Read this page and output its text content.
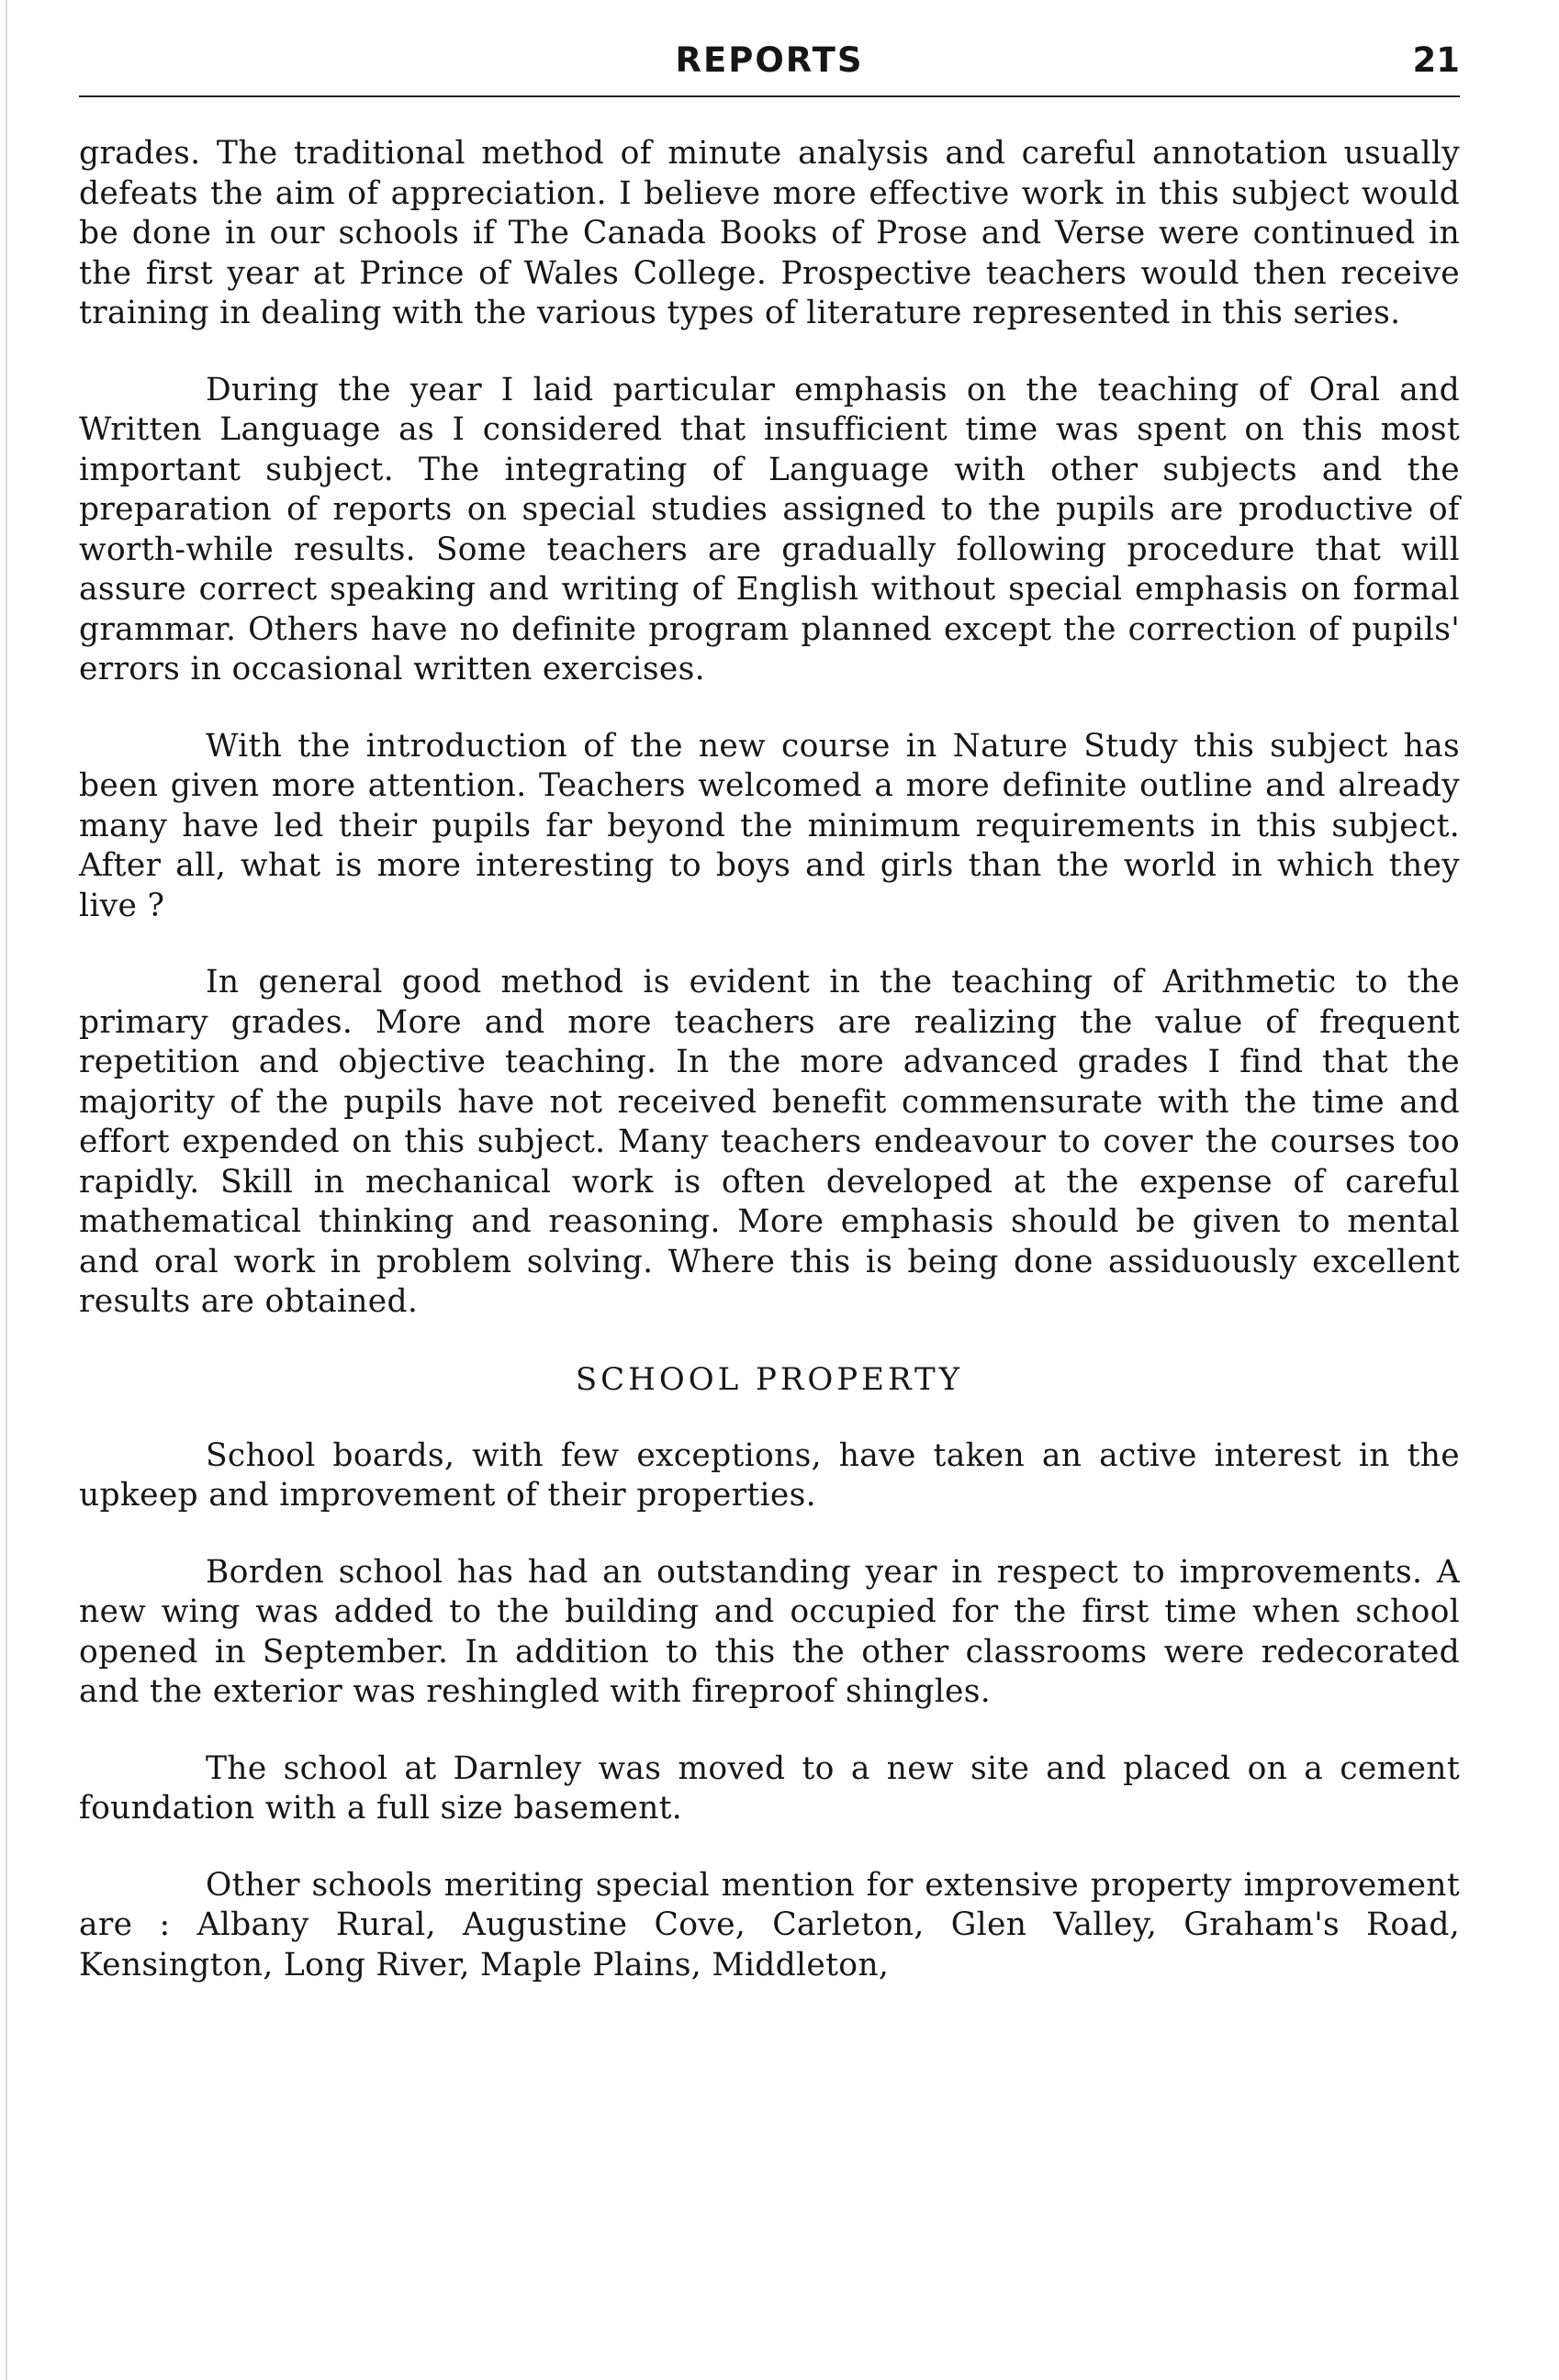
REPORTS	21

grades. The traditional method of minute analysis and careful annotation usually defeats the aim of appreciation. I believe more effective work in this subject would be done in our schools if The Canada Books of Prose and Verse were continued in the first year at Prince of Wales College. Prospective teachers would then receive training in dealing with the various types of literature represented in this series.

During the year I laid particular emphasis on the teaching of Oral and Written Language as I considered that insufficient time was spent on this most important subject. The integrating of Language with other subjects and the preparation of reports on special studies assigned to the pupils are productive of worth-while results. Some teachers are gradually following procedure that will assure correct speaking and writing of English without special emphasis on formal grammar. Others have no definite program planned except the correction of pupils' errors in occasional written exercises.

With the introduction of the new course in Nature Study this subject has been given more attention. Teachers welcomed a more definite outline and already many have led their pupils far beyond the minimum requirements in this subject. After all, what is more interesting to boys and girls than the world in which they live ?

In general good method is evident in the teaching of Arithmetic to the primary grades. More and more teachers are realizing the value of frequent repetition and objective teaching. In the more advanced grades I find that the majority of the pupils have not received benefit commensurate with the time and effort expended on this subject. Many teachers endeavour to cover the courses too rapidly. Skill in mechanical work is often developed at the expense of careful mathematical thinking and reasoning. More emphasis should be given to mental and oral work in problem solving. Where this is being done assiduously excellent results are obtained.

SCHOOL PROPERTY

School boards, with few exceptions, have taken an active interest in the upkeep and improvement of their properties.

Borden school has had an outstanding year in respect to improvements. A new wing was added to the building and occupied for the first time when school opened in September. In addition to this the other classrooms were redecorated and the exterior was reshingled with fireproof shingles.

The school at Darnley was moved to a new site and placed on a cement foundation with a full size basement.

Other schools meriting special mention for extensive property improvement are : Albany Rural, Augustine Cove, Carleton, Glen Valley, Graham's Road, Kensington, Long River, Maple Plains, Middleton,
